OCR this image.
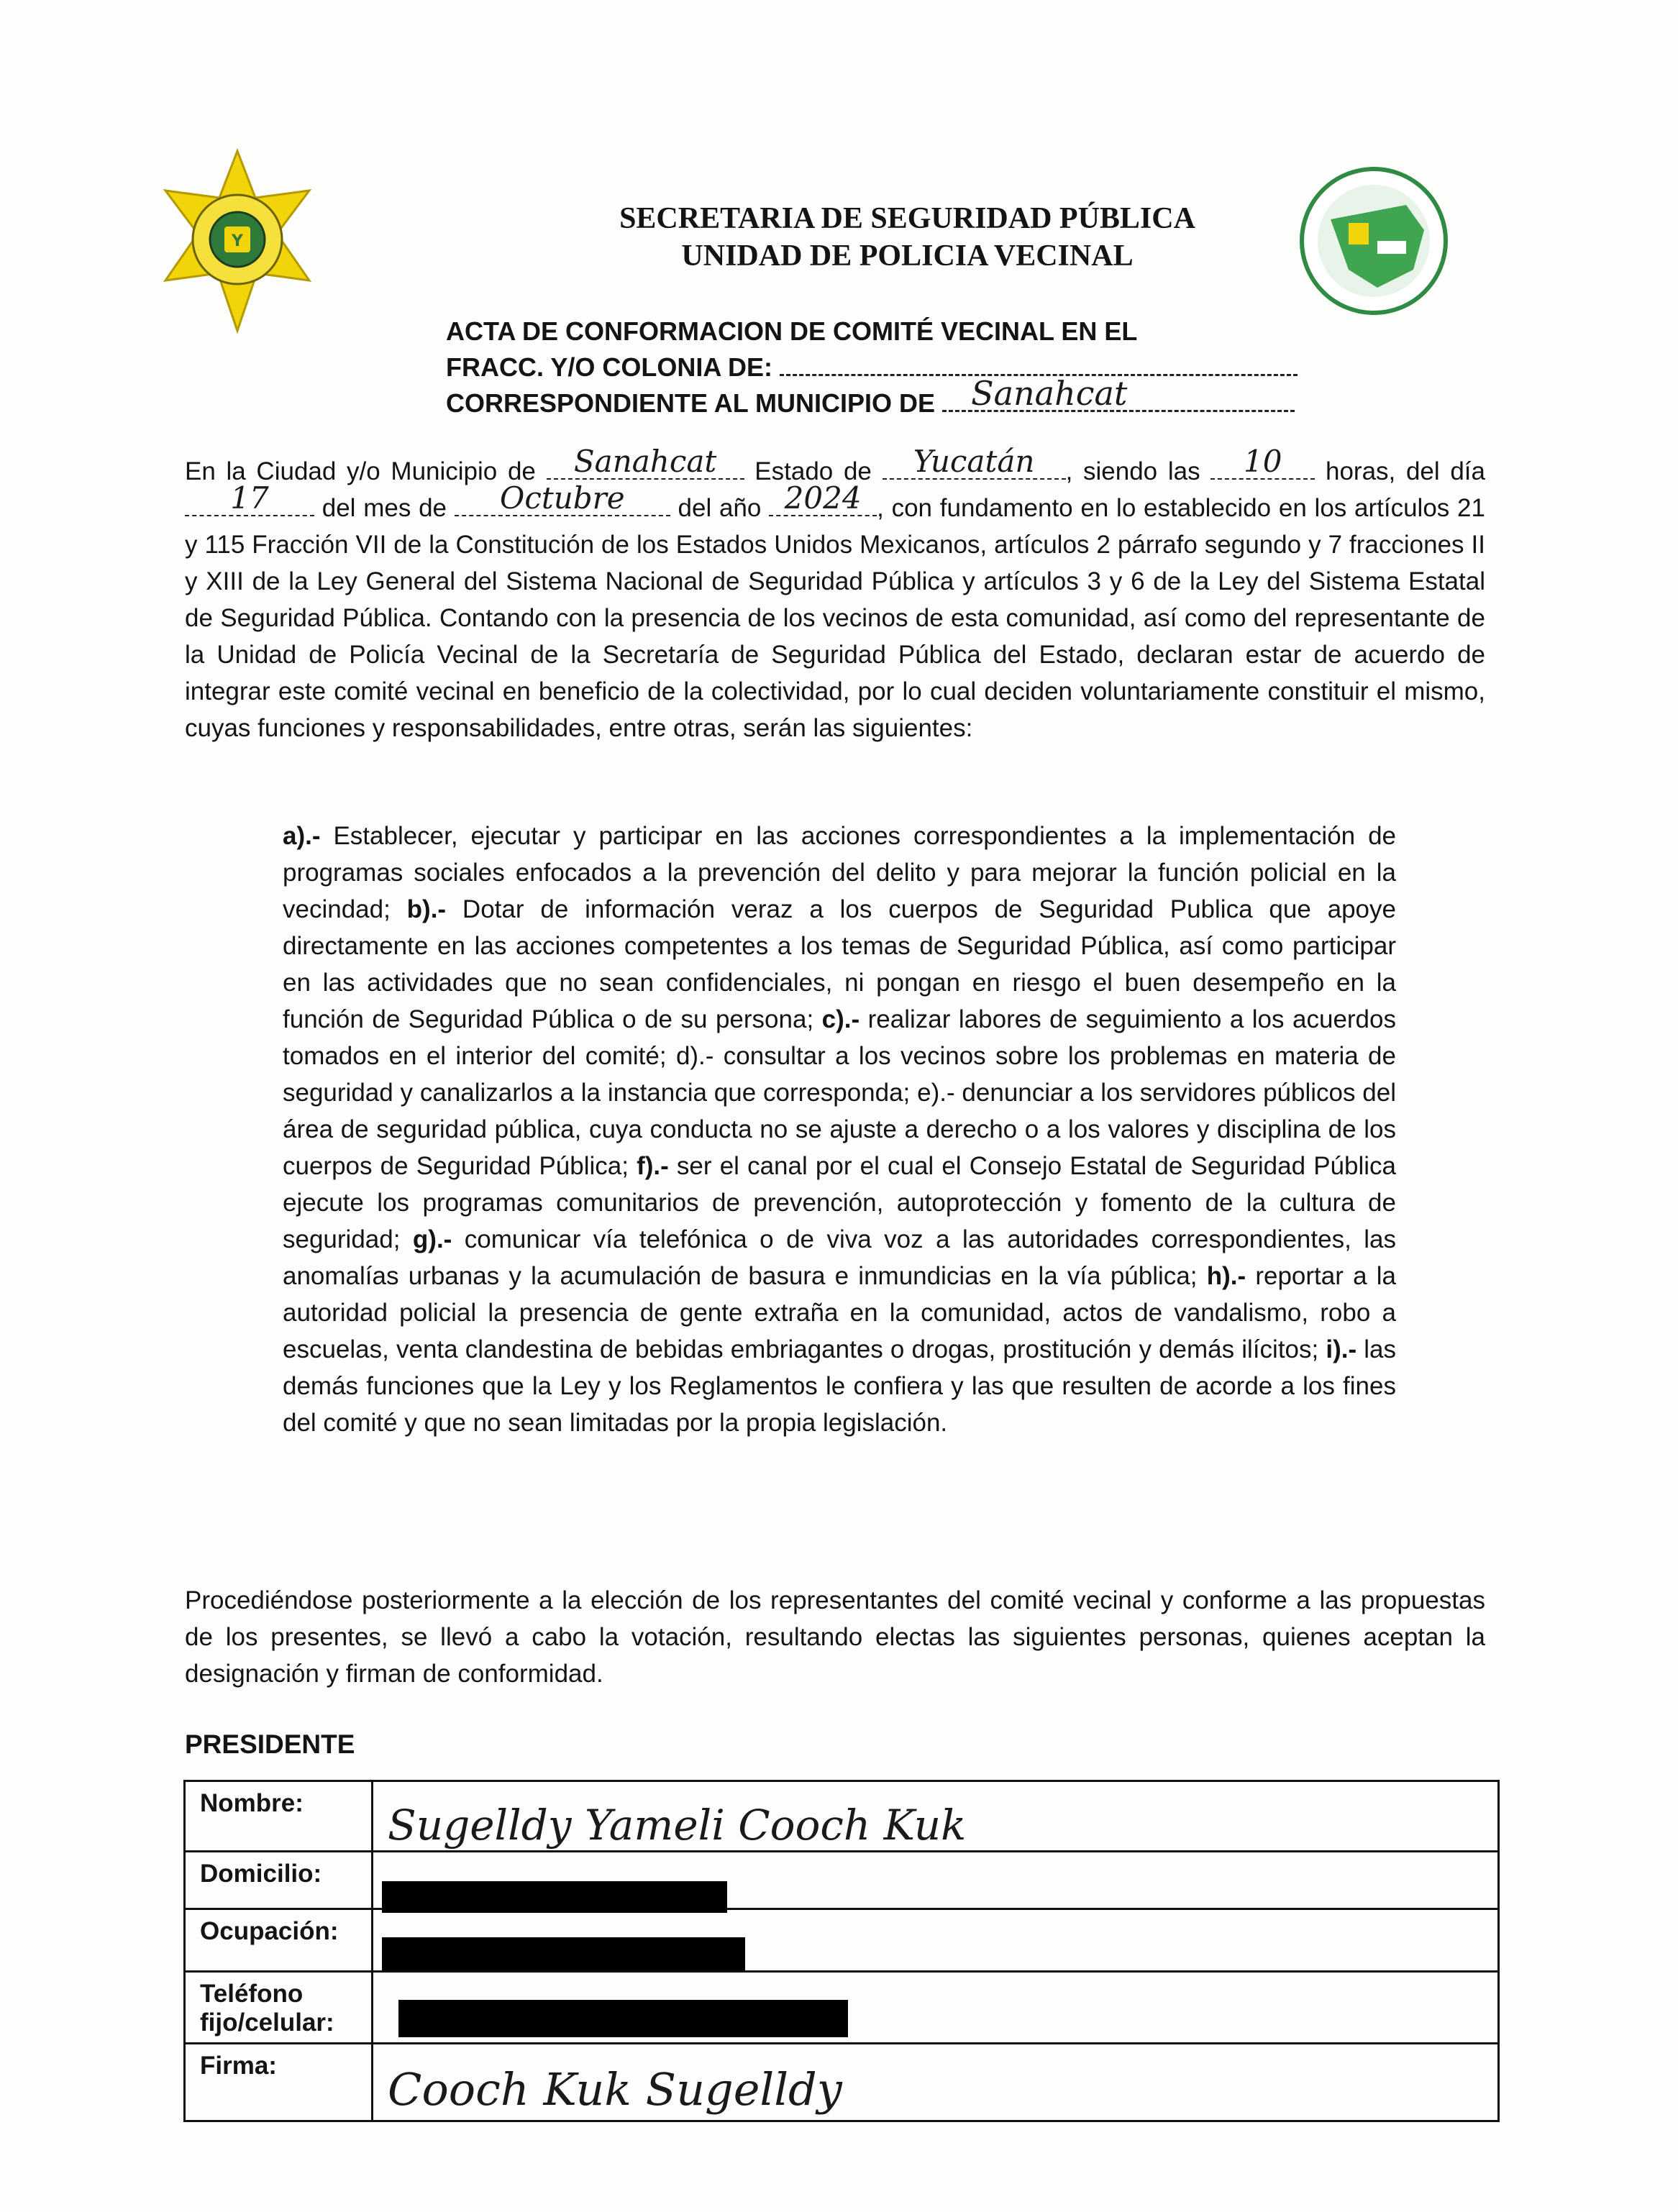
Y
SECRETARIA DE SEGURIDAD PÚBLICA
UNIDAD DE POLICIA VECINAL
ACTA DE CONFORMACION DE COMITÉ VECINAL EN EL
FRACC. Y/O COLONIA DE:
CORRESPONDIENTE AL MUNICIPIO DE Sanahcat
En la Ciudad y/o Municipio de	Sanahcat	Estado de	Yucatán	, siendo las	10	horas, del día
17	del mes de	Octubre	del año 2024 , con fundamento en lo establecido en los artículos 21 y 115 Fracción VII de la Constitución de los Estados Unidos Mexicanos, artículos 2 párrafo segundo y 7 fracciones II y XIII de la Ley General del Sistema Nacional de Seguridad Pública y artículos 3 y 6 de la Ley del Sistema Estatal de Seguridad Pública. Contando con la presencia de los vecinos de esta comunidad, así como del representante de la Unidad de Policía Vecinal de la Secretaría de Seguridad Pública del Estado, declaran estar de acuerdo de integrar este comité vecinal en beneficio de la colectividad, por lo cual deciden voluntariamente constituir el mismo, cuyas funciones y responsabilidades, entre otras, serán las siguientes:
a).- Establecer, ejecutar y participar en las acciones correspondientes a la implementación de programas sociales enfocados a la prevención del delito y para mejorar la función policial en la vecindad; b).- Dotar de información veraz a los cuerpos de Seguridad Publica que apoye directamente en las acciones competentes a los temas de Seguridad Pública, así como participar en las actividades que no sean confidenciales, ni pongan en riesgo el buen desempeño en la función de Seguridad Pública o de su persona; c).- realizar labores de seguimiento a los acuerdos tomados en el interior del comité; d).- consultar a los vecinos sobre los problemas en materia de seguridad y canalizarlos a la instancia que corresponda; e).- denunciar a los servidores públicos del área de seguridad pública, cuya conducta no se ajuste a derecho o a los valores y disciplina de los cuerpos de Seguridad Pública; f).- ser el canal por el cual el Consejo Estatal de Seguridad Pública ejecute los programas comunitarios de prevención, autoprotección y fomento de la cultura de seguridad; g).- comunicar vía telefónica o de viva voz a las autoridades correspondientes, las anomalías urbanas y la acumulación de basura e inmundicias en la vía pública; h).- reportar a la autoridad policial la presencia de gente extraña en la comunidad, actos de vandalismo, robo a escuelas, venta clandestina de bebidas embriagantes o drogas, prostitución y demás ilícitos; i).- las demás funciones que la Ley y los Reglamentos le confiera y las que resulten de acorde a los fines del comité y que no sean limitadas por la propia legislación.
Procediéndose posteriormente a la elección de los representantes del comité vecinal y conforme a las propuestas de los presentes, se llevó a cabo la votación, resultando electas las siguientes personas, quienes aceptan la designación y firman de conformidad.
PRESIDENTE
Nombre:	Sugelldy Yameli Cooch Kuk

Domicilio:	

Ocupación:	

Teléfono
fijo/celular:	

Firma:	Cooch Kuk Sugelldy
